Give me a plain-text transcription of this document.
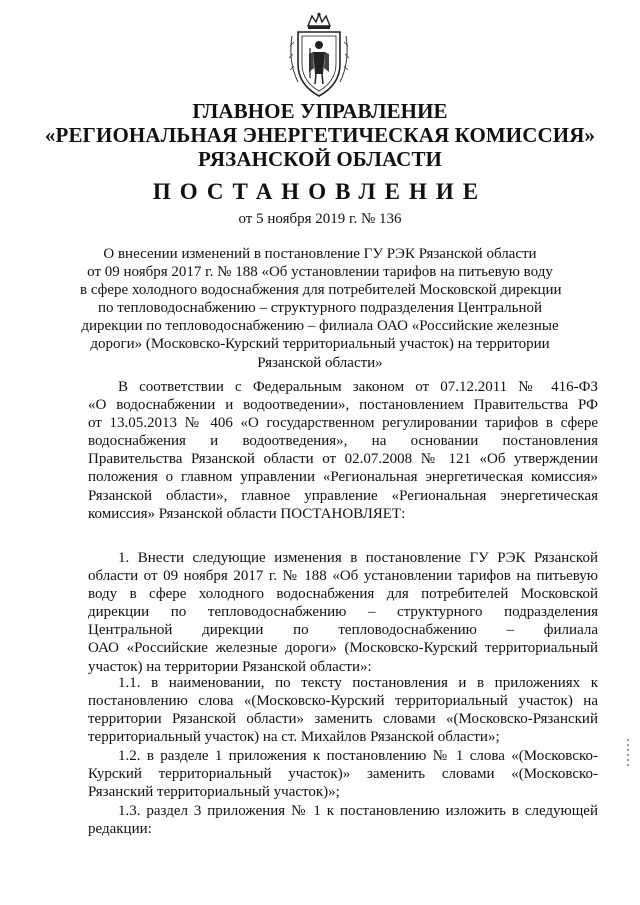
ГЛАВНОЕ УПРАВЛЕНИЕ
«РЕГИОНАЛЬНАЯ ЭНЕРГЕТИЧЕСКАЯ КОМИССИЯ»
РЯЗАНСКОЙ ОБЛАСТИ
ПОСТАНОВЛЕНИЕ
от 5 ноября 2019 г. № 136
О внесении изменений в постановление ГУ РЭК Рязанской области
от 09 ноября 2017 г. № 188 «Об установлении тарифов на питьевую воду
в сфере холодного водоснабжения для потребителей Московской дирекции
по тепловодоснабжению – структурного подразделения Центральной
дирекции по тепловодоснабжению – филиала ОАО «Российские железные
дороги» (Московско-Курский территориальный участок) на территории
Рязанской области»
В соответствии с Федеральным законом от 07.12.2011 № 416-ФЗ
«О водоснабжении и водоотведении», постановлением Правительства РФ
от 13.05.2013 № 406 «О государственном регулировании тарифов в сфере
водоснабжения и водоотведения», на основании постановления
Правительства Рязанской области от 02.07.2008 № 121 «Об утверждении
положения о главном управлении «Региональная энергетическая комиссия»
Рязанской области», главное управление «Региональная энергетическая
комиссия» Рязанской области ПОСТАНОВЛЯЕТ:
1. Внести следующие изменения в постановление ГУ РЭК Рязанской
области от 09 ноября 2017 г. № 188 «Об установлении тарифов на питьевую
воду в сфере холодного водоснабжения для потребителей Московской
дирекции по тепловодоснабжению – структурного подразделения
Центральной дирекции по тепловодоснабжению – филиала
ОАО «Российские железные дороги» (Московско-Курский территориальный
участок) на территории Рязанской области»:
1.1. в наименовании, по тексту постановления и в приложениях к
постановлению слова «(Московско-Курский территориальный участок) на
территории Рязанской области» заменить словами «(Московско-Рязанский
территориальный участок) на ст. Михайлов Рязанской области»;
1.2. в разделе 1 приложения к постановлению № 1 слова «(Московско-
Курский территориальный участок)» заменить словами «(Московско-
Рязанский территориальный участок)»;
1.3. раздел 3 приложения № 1 к постановлению изложить в следующей
редакции:
